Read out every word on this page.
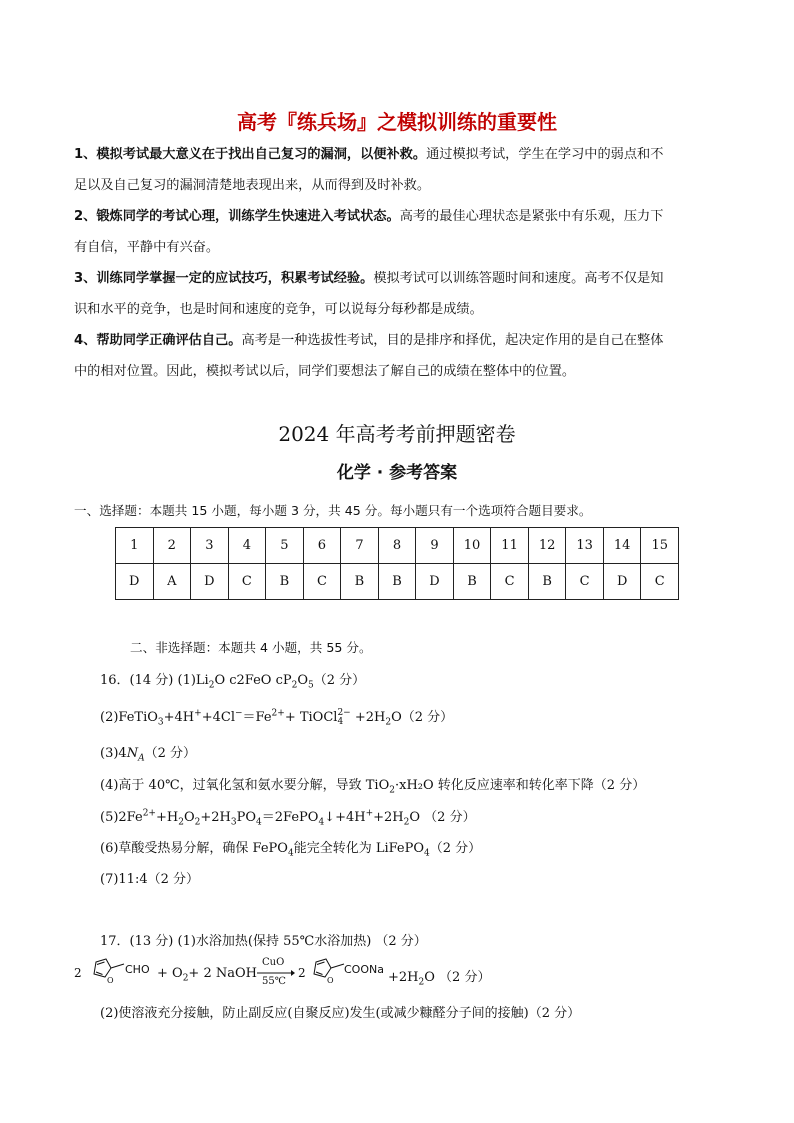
高考『练兵场』之模拟训练的重要性
1、模拟考试最大意义在于找出自己复习的漏洞，以便补救。通过模拟考试，学生在学习中的弱点和不
足以及自己复习的漏洞清楚地表现出来，从而得到及时补救。
2、锻炼同学的考试心理，训练学生快速进入考试状态。高考的最佳心理状态是紧张中有乐观，压力下
有自信，平静中有兴奋。
3、训练同学掌握一定的应试技巧，积累考试经验。模拟考试可以训练答题时间和速度。高考不仅是知
识和水平的竞争，也是时间和速度的竞争，可以说每分每秒都是成绩。
4、帮助同学正确评估自己。高考是一种选拔性考试，目的是排序和择优，起决定作用的是自己在整体
中的相对位置。因此，模拟考试以后，同学们要想法了解自己的成绩在整体中的位置。
2024 年高考考前押题密卷
化学 · 参考答案
一、选择题：本题共 15 小题，每小题 3 分，共 45 分。每小题只有一个选项符合题目要求。
1	2	3	4	5	6	7	8	9	10	11	12	13	14	15
D	A	D	C	B	C	B	B	D	B	C	B	C	D	C
二、非选择题：本题共 4 小题，共 55 分。
16．(14 分) $(1)Li_2O$ c2FeO $cP_2O_5(2$ 分）
$(2)FeTiO_3+4H^++4Cl^-=Fe^{2+}+$ TiOCl 2−
$4 +2H_2O(2$ 分）
$(3)4N_A(2$ 分）
(4)高于 40℃，过氧化氢和氨水要分解，导致 TiO$_2$·xH₂O 转化反应速率和转化率下降（2 分）
$(5)2Fe^{2+}+H_2O_2+2H_3PO_4=2FePO_4↓+4H^++2H_2O$ （2 分）
(6)草酸受热易分解，确保 FePO$_4$能完全转化为 LiFePO$_4$（2 分）
(7)11:4（2 分）
17．(13 分) (1)水浴加热(保持 55℃水浴加热) （2 分）
2
O
CHO + $O_2+ 2$ NaOH
CuO
55℃
2
O
COONa
$+2H_2O$ （2 分）
(2)使溶液充分接触，防止副反应(自聚反应)发生(或减少糠醛分子间的接触)（2 分）
